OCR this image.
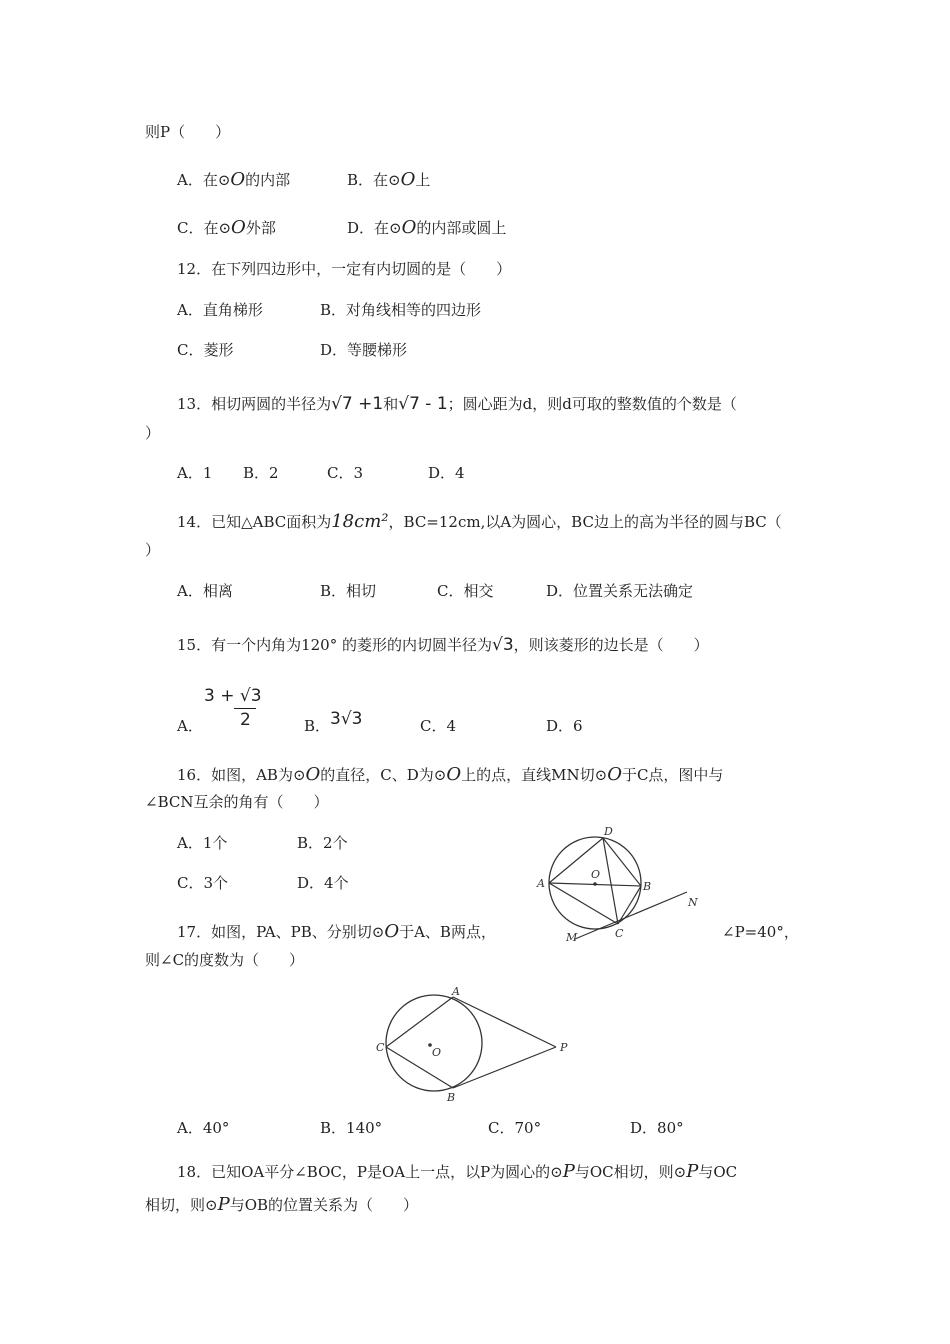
则P（　　）
A．在⊙O的内部	B．在⊙O上
C．在⊙O外部	D．在⊙O的内部或圆上
12．在下列四边形中，一定有内切圆的是（　　）
A．直角梯形	B．对角线相等的四边形
C．菱形	D．等腰梯形
13．相切两圆的半径为√7 +1和√7 - 1；圆心距为d，则d可取的整数值的个数是（
）
A．1 B．2	C．3	D．4
14．已知△ABC面积为18cm²，BC=12cm,以A为圆心，BC边上的高为半径的圆与BC（
）
A．相离	B．相切	C．相交	D．位置关系无法确定
15．有一个内角为120° 的菱形的内切圆半径为√3，则该菱形的边长是（　　）
A．
3 + √3
2	B． 3√3	C．4	D．6
16．如图，AB为⊙O的直径，C、D为⊙O上的点，直线MN切⊙O于C点，图中与
∠BCN互余的角有（　　）
A．1个	B．2个
C．3个	D．4个
D
A
O
B
C
M
N
17．如图，PA、PB、分别切⊙O于A、B两点，	∠P=40°，
则∠C的度数为（　　）
A
C	O	P
B
A．40°	B．140°	C．70°	D．80°
18．已知OA平分∠BOC，P是OA上一点，以P为圆心的⊙P与OC相切，则⊙P与OC
相切，则⊙P与OB的位置关系为（　　）
